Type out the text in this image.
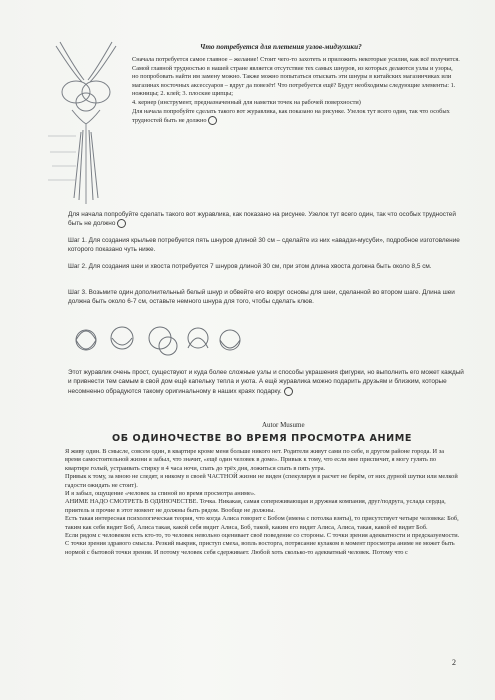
Что потребуется для плетения узлов-мидзухики?

Сначала потребуется самое главное – желание! Стоит чего-то захотеть и приложить некоторые усилия, как всё получится. Самой главной трудностью в нашей стране является отсутствие тех самых шнуров, из которых делаются узлы и узоры, но попробовать найти им замену можно. Также можно попытаться отыскать эти шнуры в китайских магазинчиках или магазинах восточных аксессуаров – вдруг да повезёт! Что потребуется ещё? Будут необходимы следующие элементы: 1. ножницы; 2. клей; 3. плоские щипцы;

4. кернер (инструмент, предназначенный для наметки точек на рабочей поверхности)

Для начала попробуйте сделать такого вот журавлика, как показано на рисунке. Узелок тут всего один, так что особых трудностей быть не должно

Для начала попробуйте сделать такого вот журавлика, как показано на рисунке. Узелок тут всего один, так что особых трудностей быть не должно

Шаг 1. Для создания крыльев потребуется пять шнуров длиной 30 см – сделайте из них «авадзи-мусуби», подробное изготовление которого показано чуть ниже.

Шаг 2. Для создания шеи и хвоста потребуется 7 шнуров длиной 30 см, при этом длина хвоста должна быть около 8,5 см.

Шаг 3. Возьмите один дополнительный белый шнур и обвейте его вокруг основы для шеи, сделанной во втором шаге. Длина шеи должна быть около 6-7 см, оставьте немного шнура для того, чтобы сделать клюв.

Этот журавлик очень прост, существуют и куда более сложные узлы и способы украшения фигурки, но выполнить его может каждый и привнести тем самым в свой дом ещё капельку тепла и уюта. А ещё журавлика можно подарить друзьям и близким, которые несомненно обрадуются такому оригинальному в наших краях подарку.

Autor Musume
ОБ ОДИНОЧЕСТВЕ ВО ВРЕМЯ ПРОСМОТРА АНИМЕ

Я живу один. В смысле, совсем один, в квартире кроме меня больше никого нет. Родители живут сами по себе, в другом районе города. И за время самостоятельной жизни я забыл, что значит, «ещё один человек в доме». Привык к тому, что если мне приспичит, я могу гулять по квартире голый, устраивать стирку в 4 часа ночи, спать до трёх дня, ложиться спать в пять утра.

Привык к тому, за мною не следят, я никому в своей ЧАСТНОЙ жизни не виден (спекулируя в расчет не берём, от них дурной шутки или мелкой гадости ожидать не стоит).

И я забыл, ощущение «человек за спиной во время просмотра аниме».

АНИМЕ НАДО СМОТРЕТЬ В ОДИНОЧЕСТВЕ. Точка. Никакая, самая сопереживающая и дружная компания, друг/подруга, услада сердца, приятель и прочие в этот момент не должны быть рядом. Вообще не должны.

Есть такая интересная психологическая теория, что когда Алиса говорит с Бобом (имена с потолка взяты), то присутствует четыре человека: Боб, таким как себя видит Боб, Алиса такая, какой себя видит Алиса, Боб, такой, каким его видит Алиса, Алиса, такая, какой её видит Боб.

Если рядом с человеком есть кто-то, то человек невольно оценивает своё поведение со стороны. С точки зрения адекватности и предсказуемости. С точки зрения здравого смысла. Резкий выкрик, приступ смеха, вопль восторга, потрясание кулаком в момент просмотра аниме не может быть нормой с бытовой точки зрения. И потому человек себя сдерживает. Любой хоть сколько-то адекватный человек. Потому что с

2
